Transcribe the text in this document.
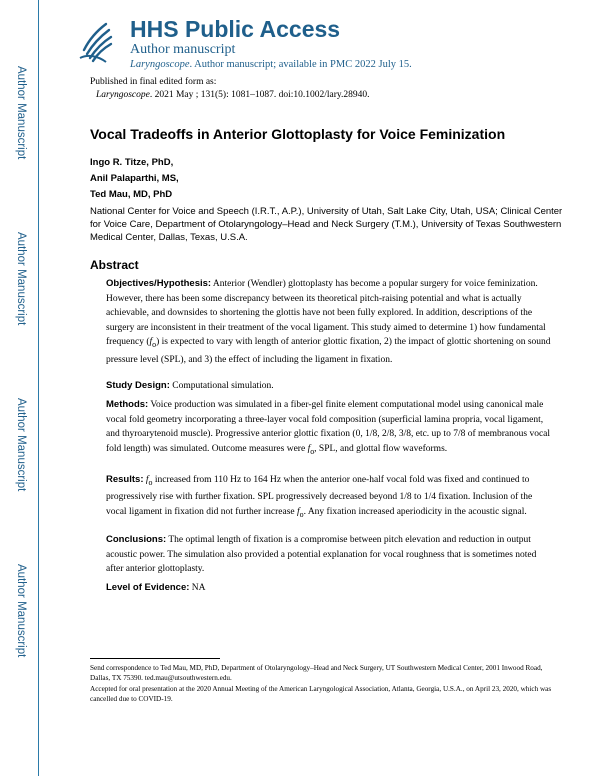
Author Manuscript
Author Manuscript
Author Manuscript
Author Manuscript
HHS Public Access
Author manuscript
Laryngoscope. Author manuscript; available in PMC 2022 July 15.
Published in final edited form as:
Laryngoscope. 2021 May ; 131(5): 1081–1087. doi:10.1002/lary.28940.
Vocal Tradeoffs in Anterior Glottoplasty for Voice Feminization
Ingo R. Titze, PhD,
Anil Palaparthi, MS,
Ted Mau, MD, PhD
National Center for Voice and Speech (I.R.T., A.P.), University of Utah, Salt Lake City, Utah, USA; Clinical Center for Voice Care, Department of Otolaryngology–Head and Neck Surgery (T.M.), University of Texas Southwestern Medical Center, Dallas, Texas, U.S.A.
Abstract
Objectives/Hypothesis: Anterior (Wendler) glottoplasty has become a popular surgery for voice feminization. However, there has been some discrepancy between its theoretical pitch-raising potential and what is actually achievable, and downsides to shortening the glottis have not been fully explored. In addition, descriptions of the surgery are inconsistent in their treatment of the vocal ligament. This study aimed to determine 1) how fundamental frequency $(f_o)$ is expected to vary with length of anterior glottic fixation, 2) the impact of glottic shortening on sound pressure level (SPL), and 3) the effect of including the ligament in fixation.
Study Design: Computational simulation.
Methods: Voice production was simulated in a fiber-gel finite element computational model using canonical male vocal fold geometry incorporating a three-layer vocal fold composition (superficial lamina propria, vocal ligament, and thyroarytenoid muscle). Progressive anterior glottic fixation (0, 1/8, 2/8, 3/8, etc. up to 7/8 of membranous vocal fold length) was simulated. Outcome measures were $f_o$, SPL, and glottal flow waveforms.
Results: $f_o$ increased from 110 Hz to 164 Hz when the anterior one-half vocal fold was fixed and continued to progressively rise with further fixation. SPL progressively decreased beyond 1/8 to 1/4 fixation. Inclusion of the vocal ligament in fixation did not further increase $f_o$. Any fixation increased aperiodicity in the acoustic signal.
Conclusions: The optimal length of fixation is a compromise between pitch elevation and reduction in output acoustic power. The simulation also provided a potential explanation for vocal roughness that is sometimes noted after anterior glottoplasty.
Level of Evidence: NA
Send correspondence to Ted Mau, MD, PhD, Department of Otolaryngology–Head and Neck Surgery, UT Southwestern Medical Center, 2001 Inwood Road, Dallas, TX 75390. ted.mau@utsouthwestern.edu.
Accepted for oral presentation at the 2020 Annual Meeting of the American Laryngological Association, Atlanta, Georgia, U.S.A., on April 23, 2020, which was cancelled due to COVID-19.
